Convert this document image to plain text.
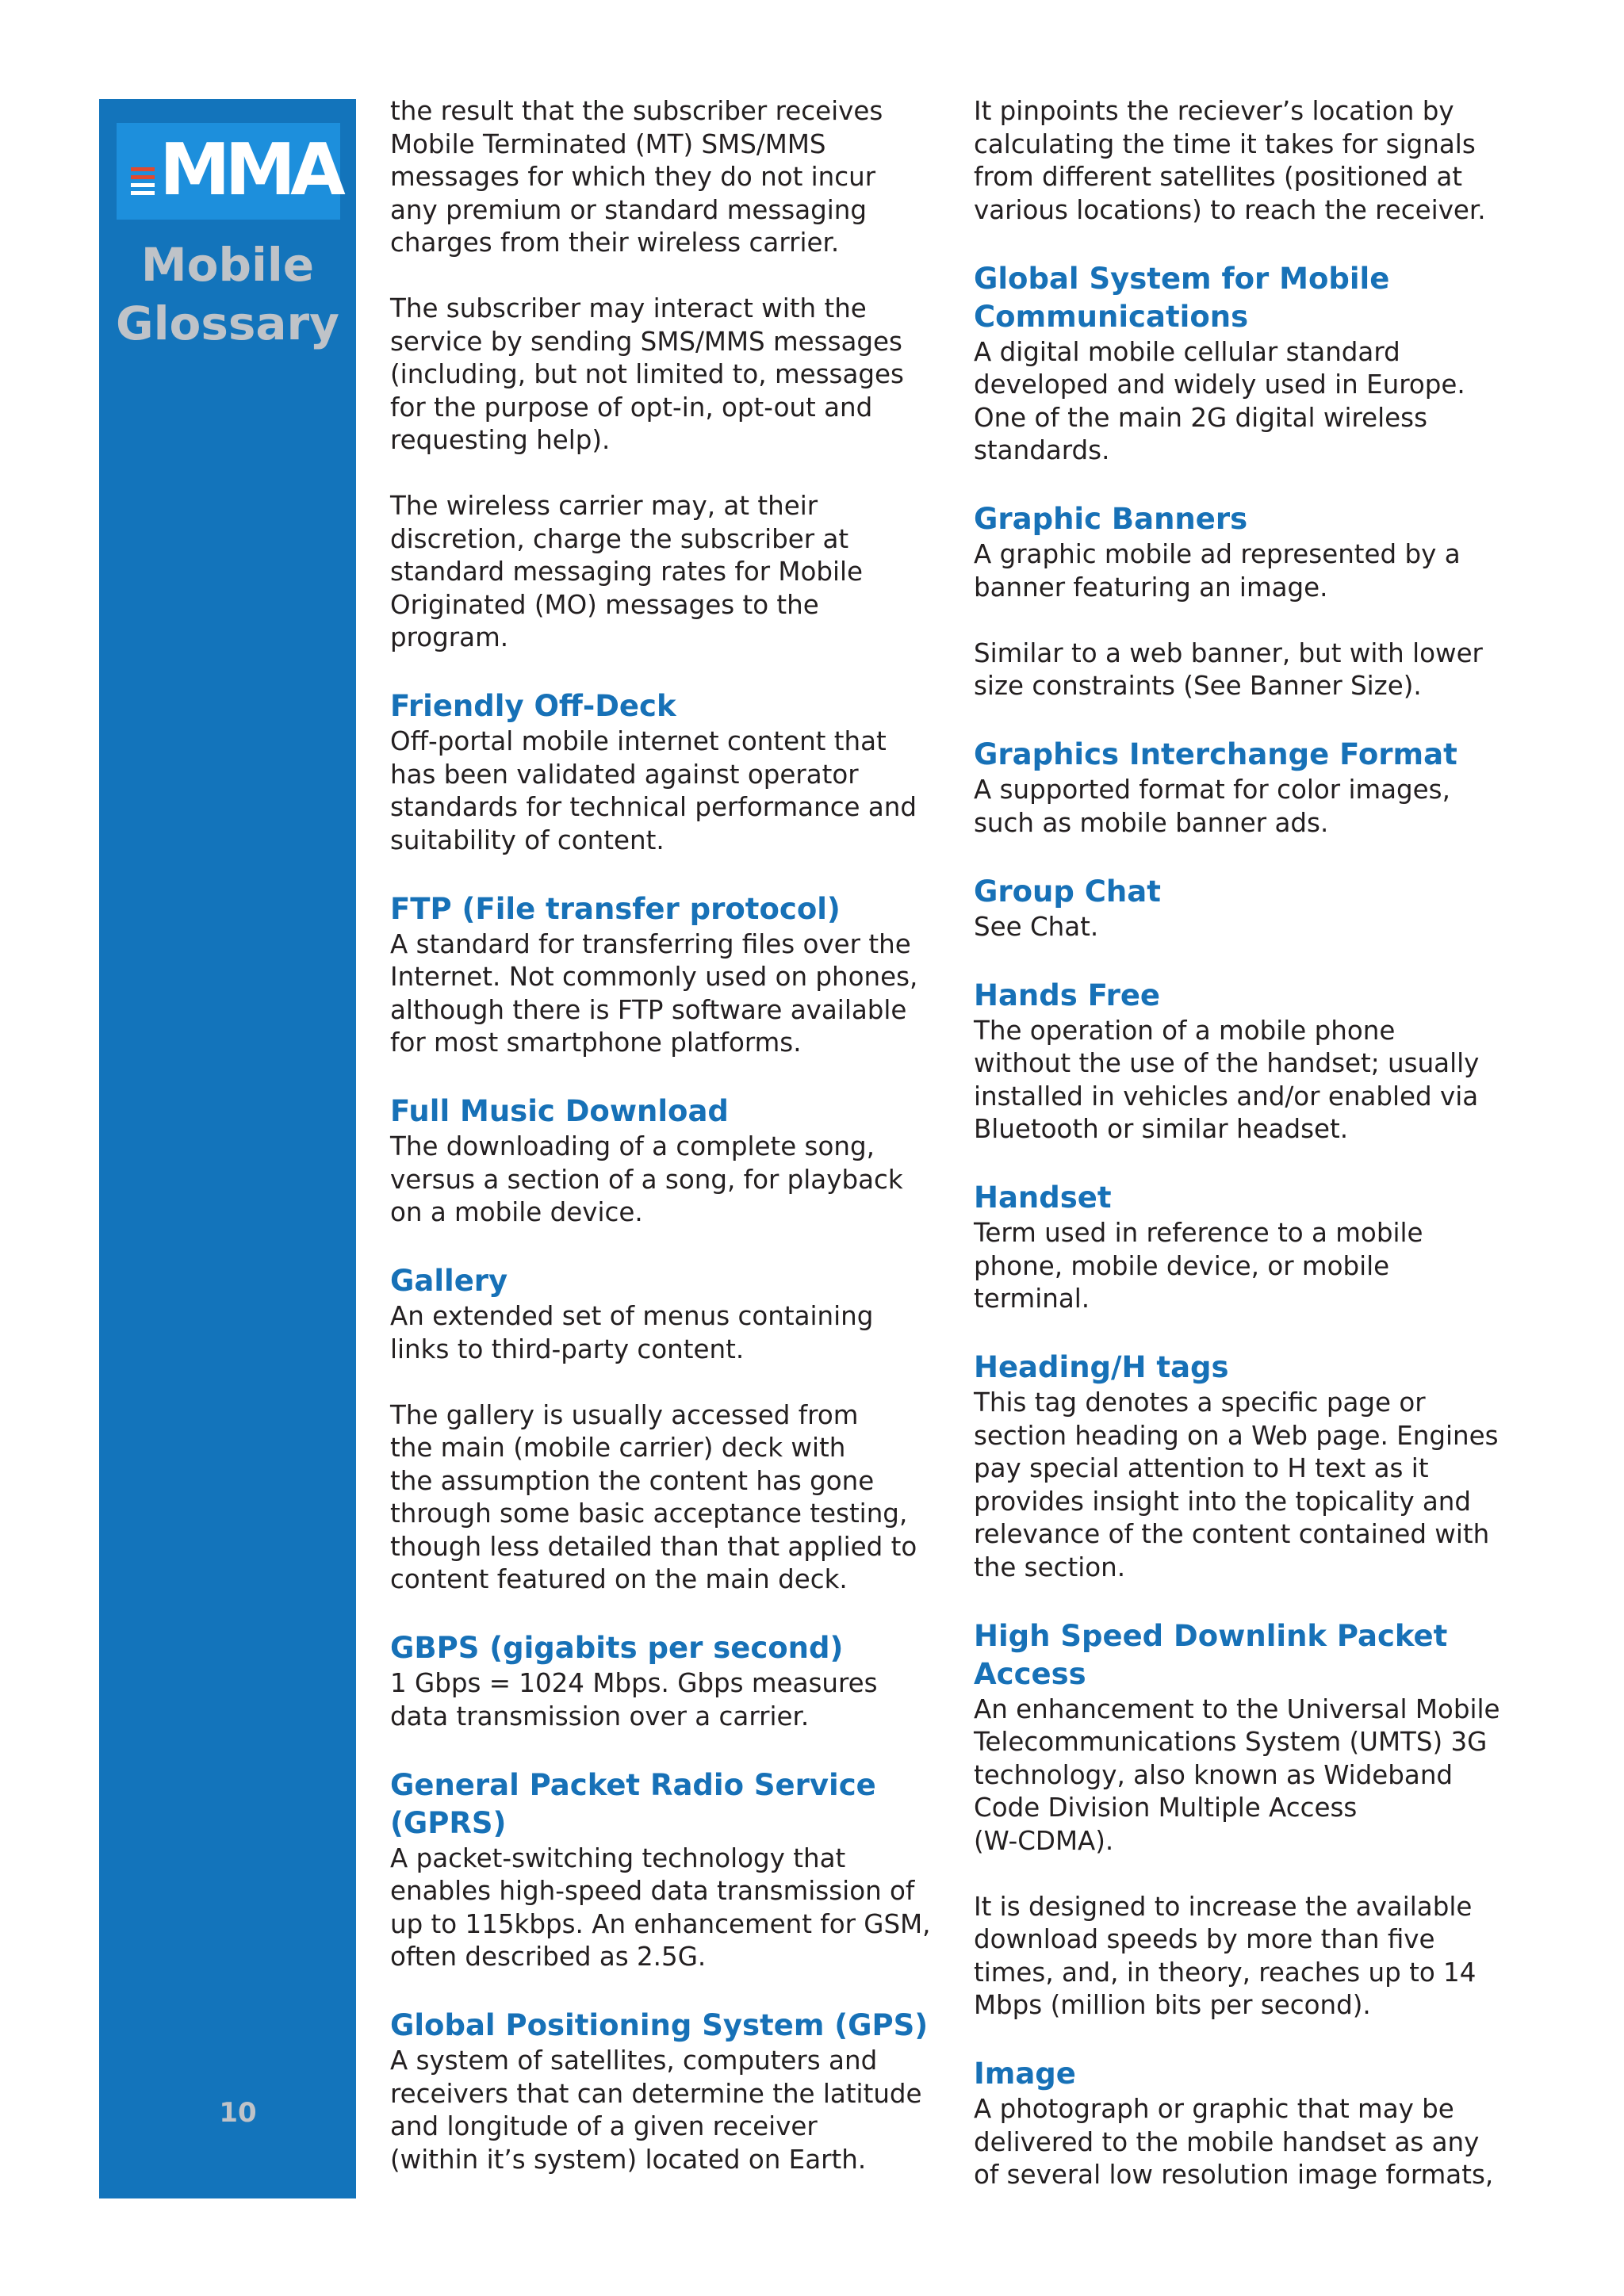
MMA
Mobile
Glossary
10

the result that the subscriber receives
Mobile Terminated (MT) SMS/MMS
messages for which they do not incur
any premium or standard messaging
charges from their wireless carrier.

The subscriber may interact with the
service by sending SMS/MMS messages
(including, but not limited to, messages
for the purpose of opt-in, opt-out and
requesting help).

The wireless carrier may, at their
discretion, charge the subscriber at
standard messaging rates for Mobile
Originated (MO) messages to the
program.

Friendly Off-Deck

Off-portal mobile internet content that
has been validated against operator
standards for technical performance and
suitability of content.

FTP (File transfer protocol)

A standard for transferring files over the
Internet. Not commonly used on phones,
although there is FTP software available
for most smartphone platforms.

Full Music Download

The downloading of a complete song,
versus a section of a song, for playback
on a mobile device.

Gallery

An extended set of menus containing
links to third-party content.

The gallery is usually accessed from
the main (mobile carrier) deck with
the assumption the content has gone
through some basic acceptance testing,
though less detailed than that applied to
content featured on the main deck.

GBPS (gigabits per second)

1 Gbps = 1024 Mbps. Gbps measures
data transmission over a carrier.

General Packet Radio Service
(GPRS)

A packet-switching technology that
enables high-speed data transmission of
up to 115kbps. An enhancement for GSM,
often described as 2.5G.

Global Positioning System (GPS)

A system of satellites, computers and
receivers that can determine the latitude
and longitude of a given receiver
(within it’s system) located on Earth.

It pinpoints the reciever’s location by
calculating the time it takes for signals
from different satellites (positioned at
various locations) to reach the receiver.

Global System for Mobile
Communications

A digital mobile cellular standard
developed and widely used in Europe.
One of the main 2G digital wireless
standards.

Graphic Banners

A graphic mobile ad represented by a
banner featuring an image.

Similar to a web banner, but with lower
size constraints (See Banner Size).

Graphics Interchange Format

A supported format for color images,
such as mobile banner ads.

Group Chat

See Chat.

Hands Free

The operation of a mobile phone
without the use of the handset; usually
installed in vehicles and/or enabled via
Bluetooth or similar headset.

Handset

Term used in reference to a mobile
phone, mobile device, or mobile
terminal.

Heading/H tags

This tag denotes a specific page or
section heading on a Web page. Engines
pay special attention to H text as it
provides insight into the topicality and
relevance of the content contained with
the section.

High Speed Downlink Packet
Access

An enhancement to the Universal Mobile
Telecommunications System (UMTS) 3G
technology, also known as Wideband
Code Division Multiple Access
(W-CDMA).

It is designed to increase the available
download speeds by more than five
times, and, in theory, reaches up to 14
Mbps (million bits per second).

Image

A photograph or graphic that may be
delivered to the mobile handset as any
of several low resolution image formats,
